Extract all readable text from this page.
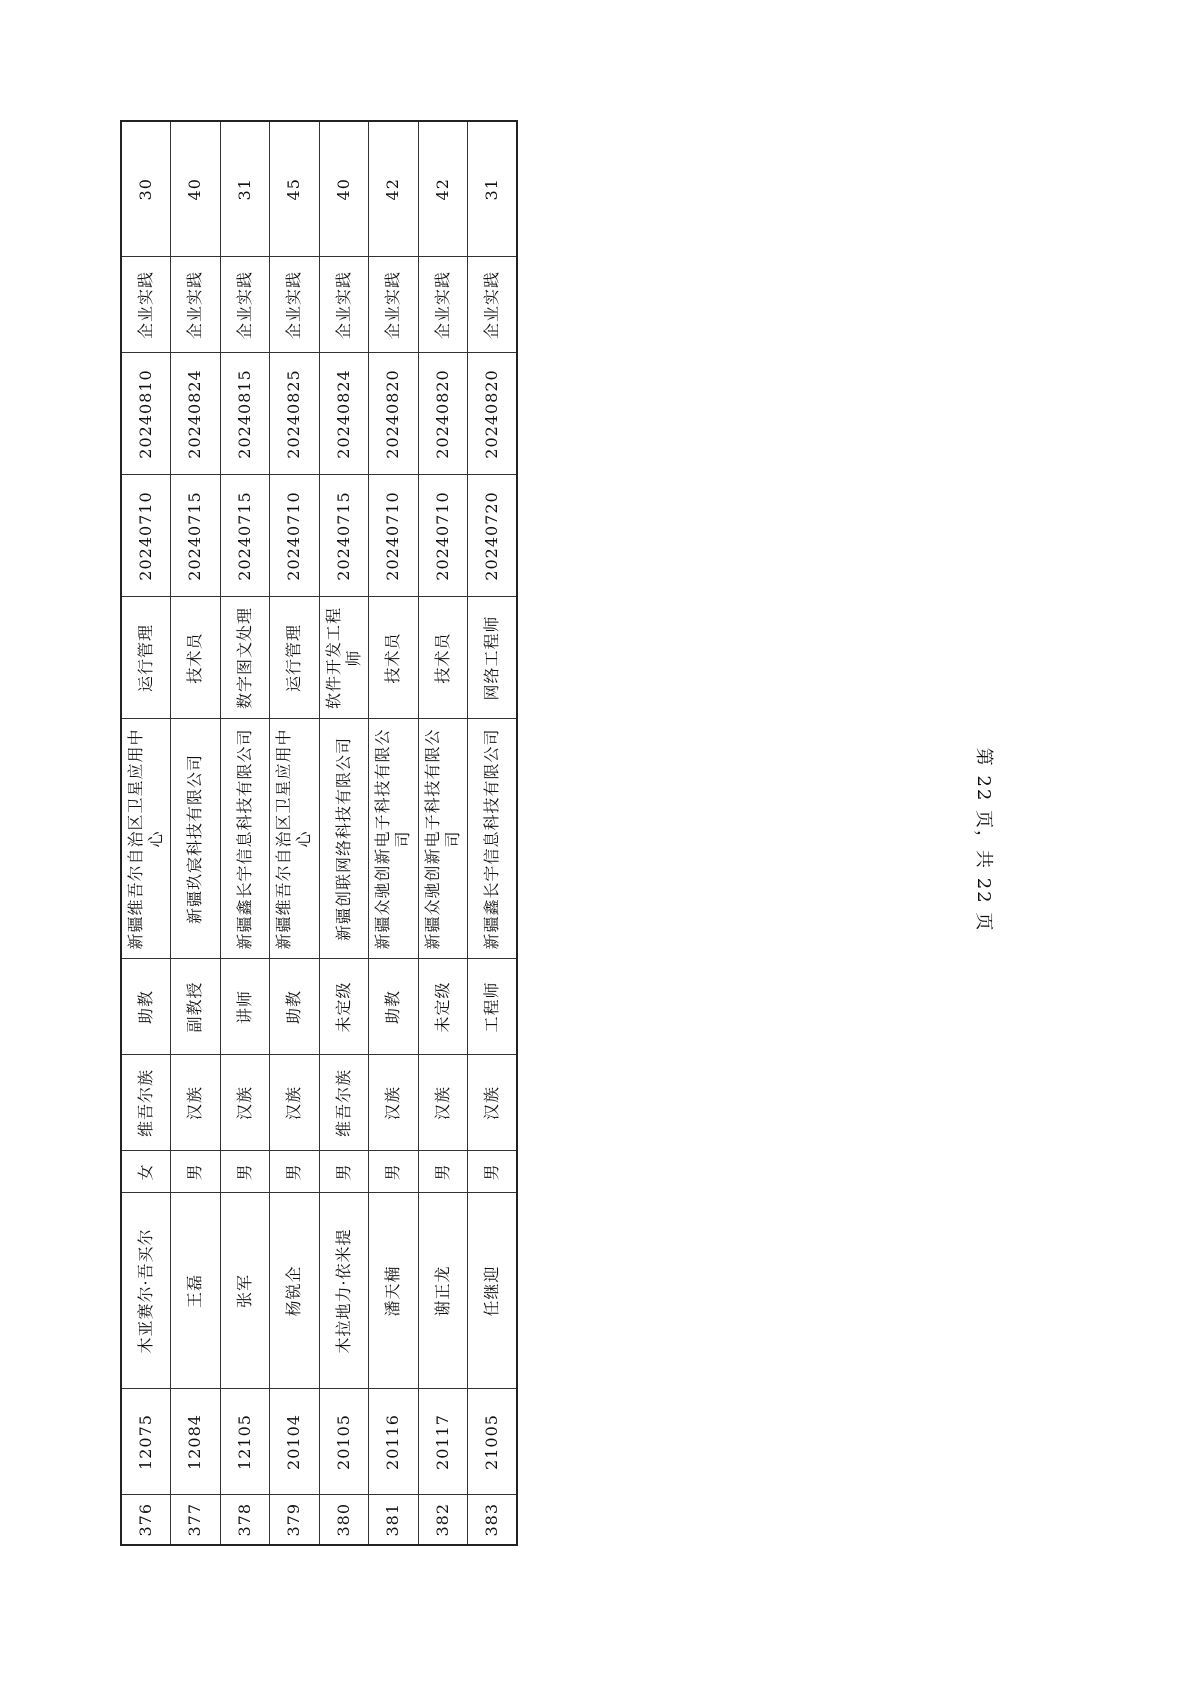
376	12075	木亚赛尔·吾买尔	女	维吾尔族	助教	新疆维吾尔自治区卫星应用中心	运行管理	20240710	20240810	企业实践	30
377	12084	王磊	男	汉族	副教授	新疆玖宸科技有限公司	技术员	20240715	20240824	企业实践	40
378	12105	张军	男	汉族	讲师	新疆鑫长宇信息科技有限公司	数字图文处理	20240715	20240815	企业实践	31
379	20104	杨锐企	男	汉族	助教	新疆维吾尔自治区卫星应用中心	运行管理	20240710	20240825	企业实践	45
380	20105	木拉地力·依米提	男	维吾尔族	未定级	新疆创联网络科技有限公司	软件开发工程师	20240715	20240824	企业实践	40
381	20116	潘天楠	男	汉族	助教	新疆众驰创新电子科技有限公司	技术员	20240710	20240820	企业实践	42
382	20117	谢正龙	男	汉族	未定级	新疆众驰创新电子科技有限公司	技术员	20240710	20240820	企业实践	42
383	21005	任继迎	男	汉族	工程师	新疆鑫长宇信息科技有限公司	网络工程师	20240720	20240820	企业实践	31
第 22 页，共 22 页
